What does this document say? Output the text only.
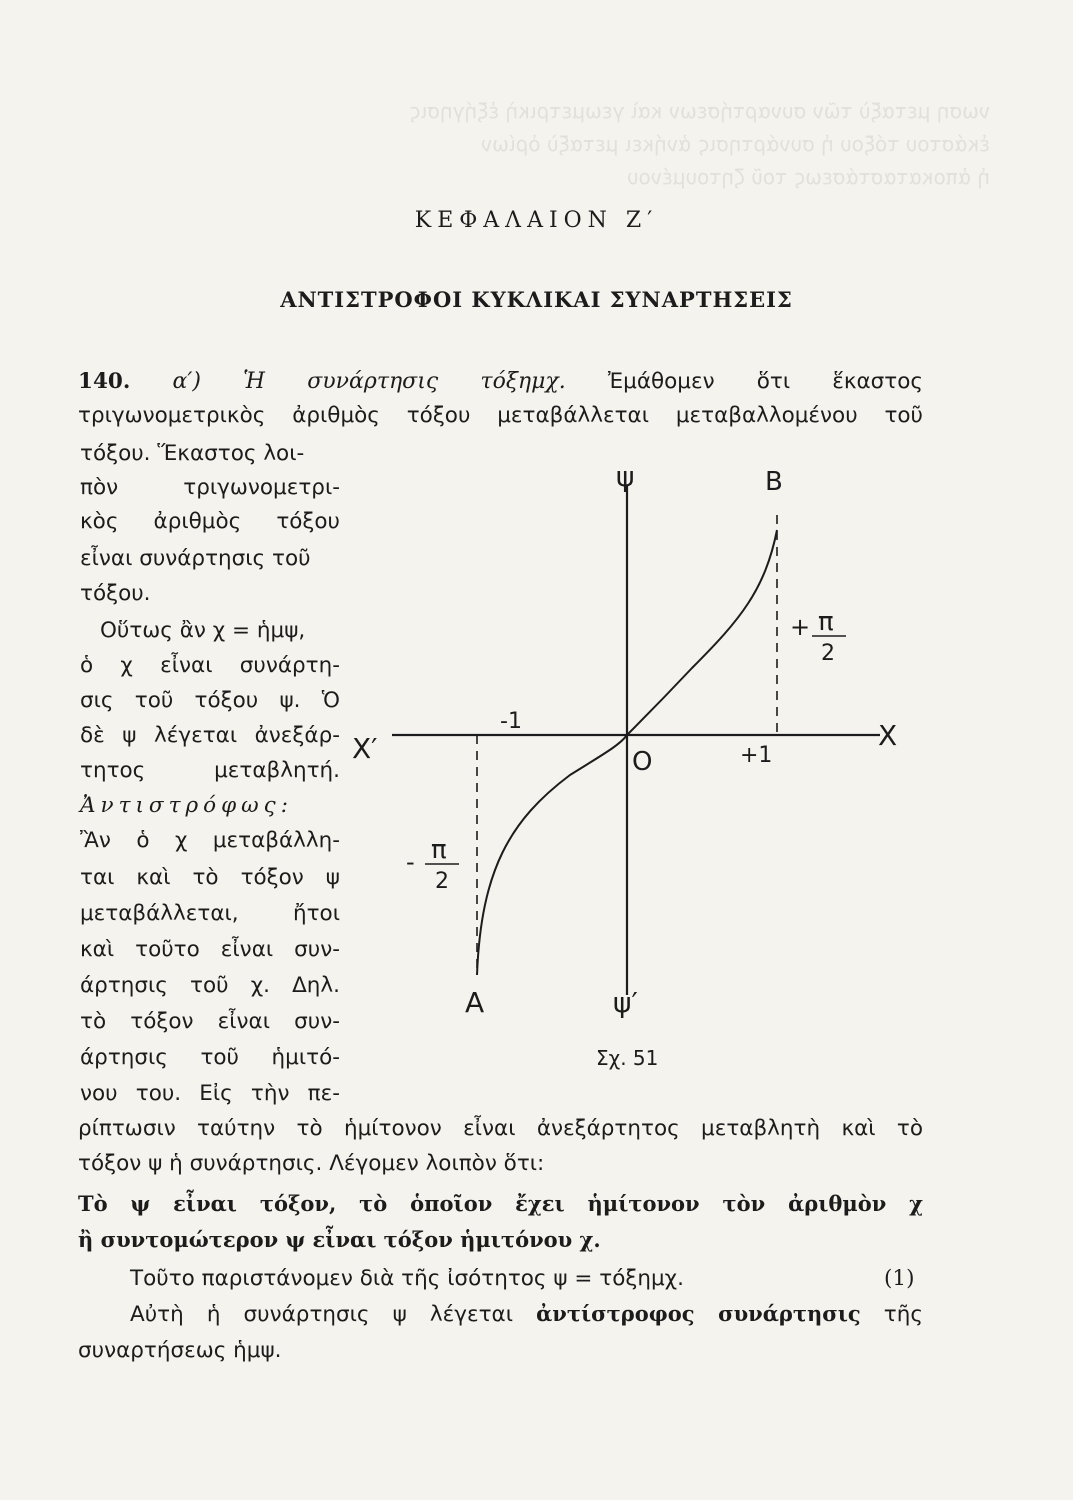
νωση μεταξὺ τῶν συναρτήσεων καὶ γεωμετρικὴ ἐξήγησις
ἑκάστου τόξου ἡ συνάρτησις ἀνήκει μεταξὺ ὁρίων
ἡ ἀποκαταστάσεως τοῦ ζητουμένου
ΚΕΦΑΛΑΙΟΝ Ζ′
ΑΝΤΙΣΤΡΟΦΟΙ ΚΥΚΛΙΚΑΙ ΣΥΝΑΡΤΗΣΕΙΣ
140. α′) Ἡ συνάρτησις τόξημχ. Ἐμάθομεν ὅτι ἕκαστος
τριγωνομετρικὸς ἀριθμὸς τόξου μεταβάλλεται μεταβαλλομένου τοῦ
τόξου. Ἕκαστος λοι-
πὸν τριγωνομετρι-
κὸς ἀριθμὸς τόξου
εἶναι συνάρτησις τοῦ
τόξου.
Οὕτως ἂν χ = ἡμψ,
ὁ χ εἶναι συνάρτη-
σις τοῦ τόξου ψ. Ὁ
δὲ ψ λέγεται ἀνεξάρ-
τητος μεταβλητή.
Ἀντιστρόφως:
Ἂν ὁ χ μεταβάλλη-
ται καὶ τὸ τόξον ψ
μεταβάλλεται, ἤτοι
καὶ τοῦτο εἶναι συν-
άρτησις τοῦ χ. Δηλ.
τὸ τόξον εἶναι συν-
άρτησις τοῦ ἡμιτό-
νου του. Εἰς τὴν πε-
ψ	B
X
X′	O
-1
+1
A	ψ′
+ π
2
- π
2
Σχ. 51
ρίπτωσιν ταύτην τὸ ἡμίτονον εἶναι ἀνεξάρτητος μεταβλητὴ καὶ τὸ
τόξον ψ ἡ συνάρτησις. Λέγομεν λοιπὸν ὅτι:
Τὸ ψ εἶναι τόξον, τὸ ὁποῖον ἔχει ἡμίτονον τὸν ἀριθμὸν χ
ἢ συντομώτερον ψ εἶναι τόξον ἡμιτόνου χ.
Τοῦτο παριστάνομεν διὰ τῆς ἰσότητος ψ = τόξημχ.	(1)
Αὐτὴ ἡ συνάρτησις ψ λέγεται ἀντίστροφος συνάρτησις τῆς
συναρτήσεως ἡμψ.
